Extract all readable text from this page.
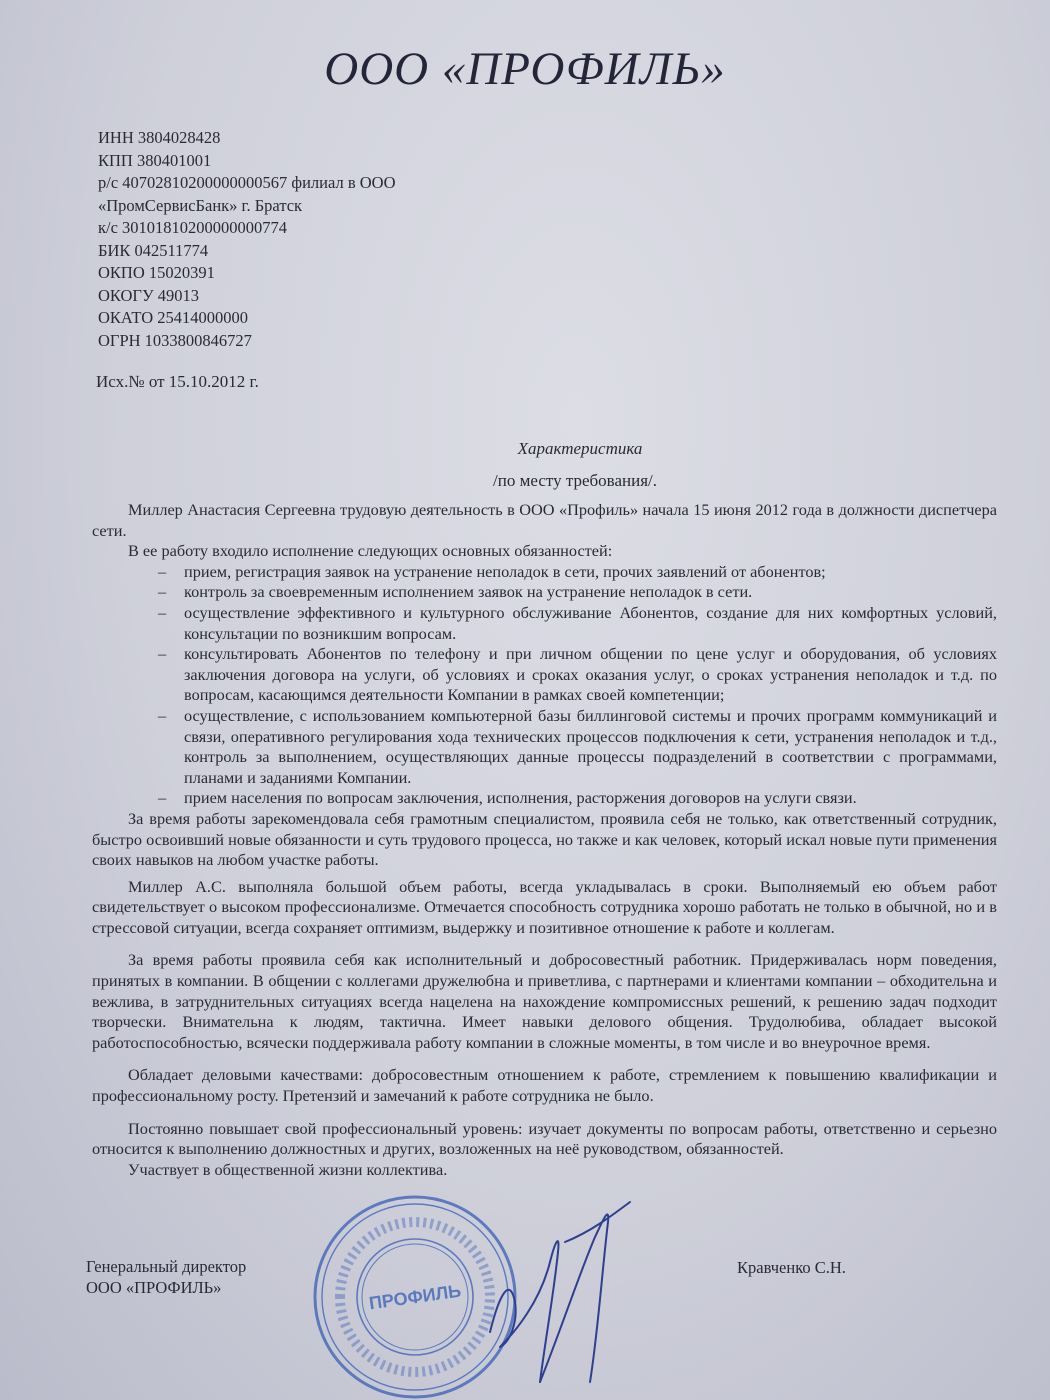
ООО «ПРОФИЛЬ»
ИНН 3804028428
КПП 380401001
р/с 40702810200000000567 филиал в ООО
«ПромСервисБанк» г. Братск
к/с 30101810200000000774
БИК 042511774
ОКПО 15020391
ОКОГУ 49013
ОКАТО 25414000000
ОГРН 1033800846727
Исх.№ от 15.10.2012 г.
Характеристика
/по месту требования/.

Миллер Анастасия Сергеевна трудовую деятельность в ООО «Профиль» начала 15 июня 2012 года в должности диспетчера сети.

В ее работу входило исполнение следующих основных обязанностей:

– прием, регистрация заявок на устранение неполадок в сети, прочих заявлений от абонентов;
– контроль за своевременным исполнением заявок на устранение неполадок в сети.
– осуществление эффективного и культурного обслуживание Абонентов, создание для них комфортных условий, консультации по возникшим вопросам.
– консультировать Абонентов по телефону и при личном общении по цене услуг и оборудования, об условиях заключения договора на услуги, об условиях и сроках оказания услуг, о сроках устранения неполадок и т.д. по вопросам, касающимся деятельности Компании в рамках своей компетенции;
– осуществление, с использованием компьютерной базы биллинговой системы и прочих программ коммуникаций и связи, оперативного регулирования хода технических процессов подключения к сети, устранения неполадок и т.д., контроль за выполнением, осуществляющих данные процессы подразделений в соответствии с программами, планами и заданиями Компании.
– прием населения по вопросам заключения, исполнения, расторжения договоров на услуги связи.

За время работы зарекомендовала себя грамотным специалистом, проявила себя не только, как ответственный сотрудник, быстро освоивший новые обязанности и суть трудового процесса, но также и как человек, который искал новые пути применения своих навыков на любом участке работы.

Миллер А.С. выполняла большой объем работы, всегда укладывалась в сроки. Выполняемый ею объем работ свидетельствует о высоком профессионализме. Отмечается способность сотрудника хорошо работать не только в обычной, но и в стрессовой ситуации, всегда сохраняет оптимизм, выдержку и позитивное отношение к работе и коллегам.

За время работы проявила себя как исполнительный и добросовестный работник. Придерживалась норм поведения, принятых в компании. В общении с коллегами дружелюбна и приветлива, с партнерами и клиентами компании – обходительна и вежлива, в затруднительных ситуациях всегда нацелена на нахождение компромиссных решений, к решению задач подходит творчески. Внимательна к людям, тактична. Имеет навыки делового общения. Трудолюбива, обладает высокой работоспособностью, всячески поддерживала работу компании в сложные моменты, в том числе и во внеурочное время.

Обладает деловыми качествами: добросовестным отношением к работе, стремлением к повышению квалификации и профессиональному росту. Претензий и замечаний к работе сотрудника не было.

Постоянно повышает свой профессиональный уровень: изучает документы по вопросам работы, ответственно и серьезно относится к выполнению должностных и других, возложенных на неё руководством, обязанностей.

Участвует в общественной жизни коллектива.

Генеральный директор
ООО «ПРОФИЛЬ»
Кравченко С.Н.
ПРОФИЛЬ
